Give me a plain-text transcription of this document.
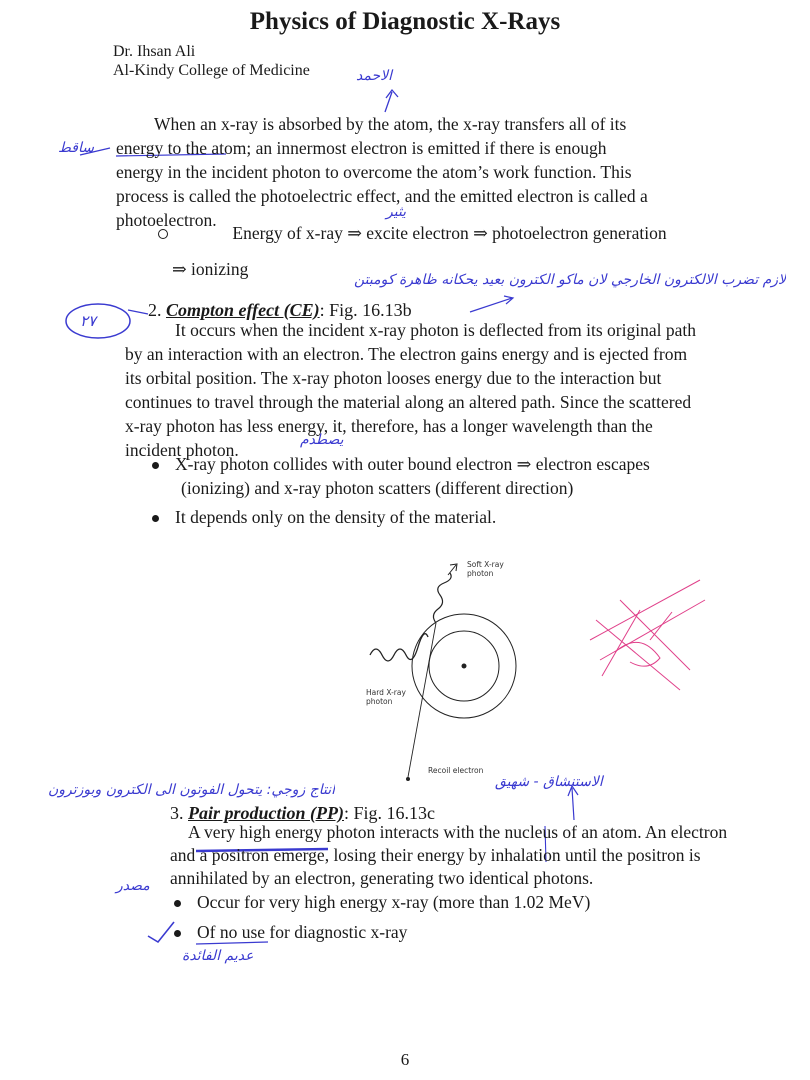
Physics of Diagnostic X-Rays
Dr. Ihsan Ali
Al-Kindy College of Medicine	الاحمد
ساقط
When an x-ray is absorbed by the atom, the x-ray transfers all of its
energy to the atom; an innermost electron is emitted if there is enough
energy in the incident photon to overcome the atom’s work function. This
process is called the photoelectric effect, and the emitted electron is called a
photoelectron.	يثير
Energy of x-ray ⇒ excite electron ⇒ photoelectron generation
⇒ ionizing
لازم تضرب الالكترون الخارجي لان ماكو الكترون بعيد يحكانه ظاهرة كومبتن
٢٧
2. Compton effect (CE): Fig. 16.13b
It occurs when the incident x-ray photon is deflected from its original path
by an interaction with an electron. The electron gains energy and is ejected from
its orbital position. The x-ray photon looses energy due to the interaction but
continues to travel through the material along an altered path. Since the scattered
x-ray photon has less energy, it, therefore, has a longer wavelength than the
incident photon.	يصطدم
X-ray photon collides with outer bound electron ⇒ electron escapes
(ionizing) and x-ray photon scatters (different direction)
It depends only on the density of the material.
Soft X-ray
photon
Hard X-ray
photon
Recoil electron
انتاج زوجي: يتحول الفوتون الى الكترون وبوزترون	الاستنشاق - شهيق
3. Pair production (PP): Fig. 16.13c
A very high energy photon interacts with the nucleus of an atom. An electron
and a positron emerge, losing their energy by inhalation until the positron is
annihilated by an electron, generating two identical photons.
مصدر
Occur for very high energy x-ray (more than 1.02 MeV)
Of no use for diagnostic x-ray
عديم الفائدة
6
